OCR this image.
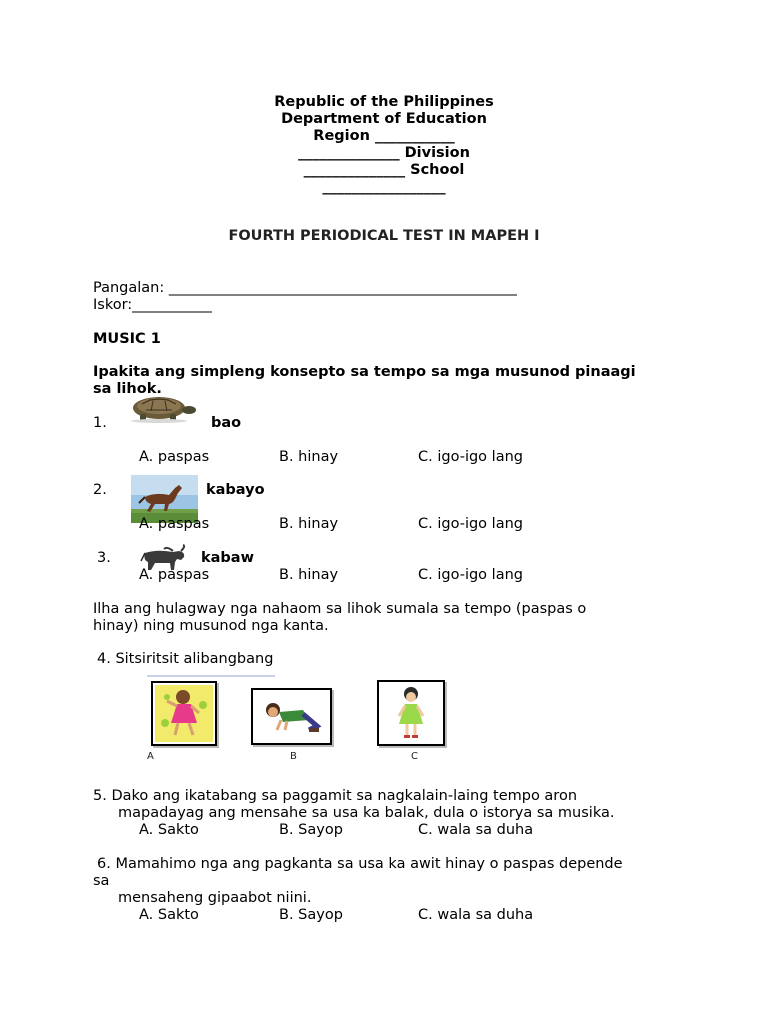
Republic of the Philippines
Department of Education
Region ___________
______________ Division
______________ School
_________________
FOURTH PERIODICAL TEST IN MAPEH I
Pangalan: ________________________________________________
Iskor:___________
MUSIC 1
Ipakita ang simpleng konsepto sa tempo sa mga musunod pinaagi
sa lihok.
1.	bao
A. paspas	B. hinay	C. igo-igo lang
2.	kabayo
A. paspas	B. hinay	C. igo-igo lang
3.	kabaw
A. paspas	B. hinay	C. igo-igo lang
Ilha ang hulagway nga nahaom sa lihok sumala sa tempo (paspas o
hinay) ning musunod nga kanta.
4. Sitsiritsit alibangbang
A	B	C
5. Dako ang ikatabang sa paggamit sa nagkalain-laing tempo aron
mapadayag ang mensahe sa usa ka balak, dula o istorya sa musika.
A. Sakto	B. Sayop	C. wala sa duha
6. Mamahimo nga ang pagkanta sa usa ka awit hinay o paspas depende
sa
mensaheng gipaabot niini.
A. Sakto	B. Sayop	C. wala sa duha
